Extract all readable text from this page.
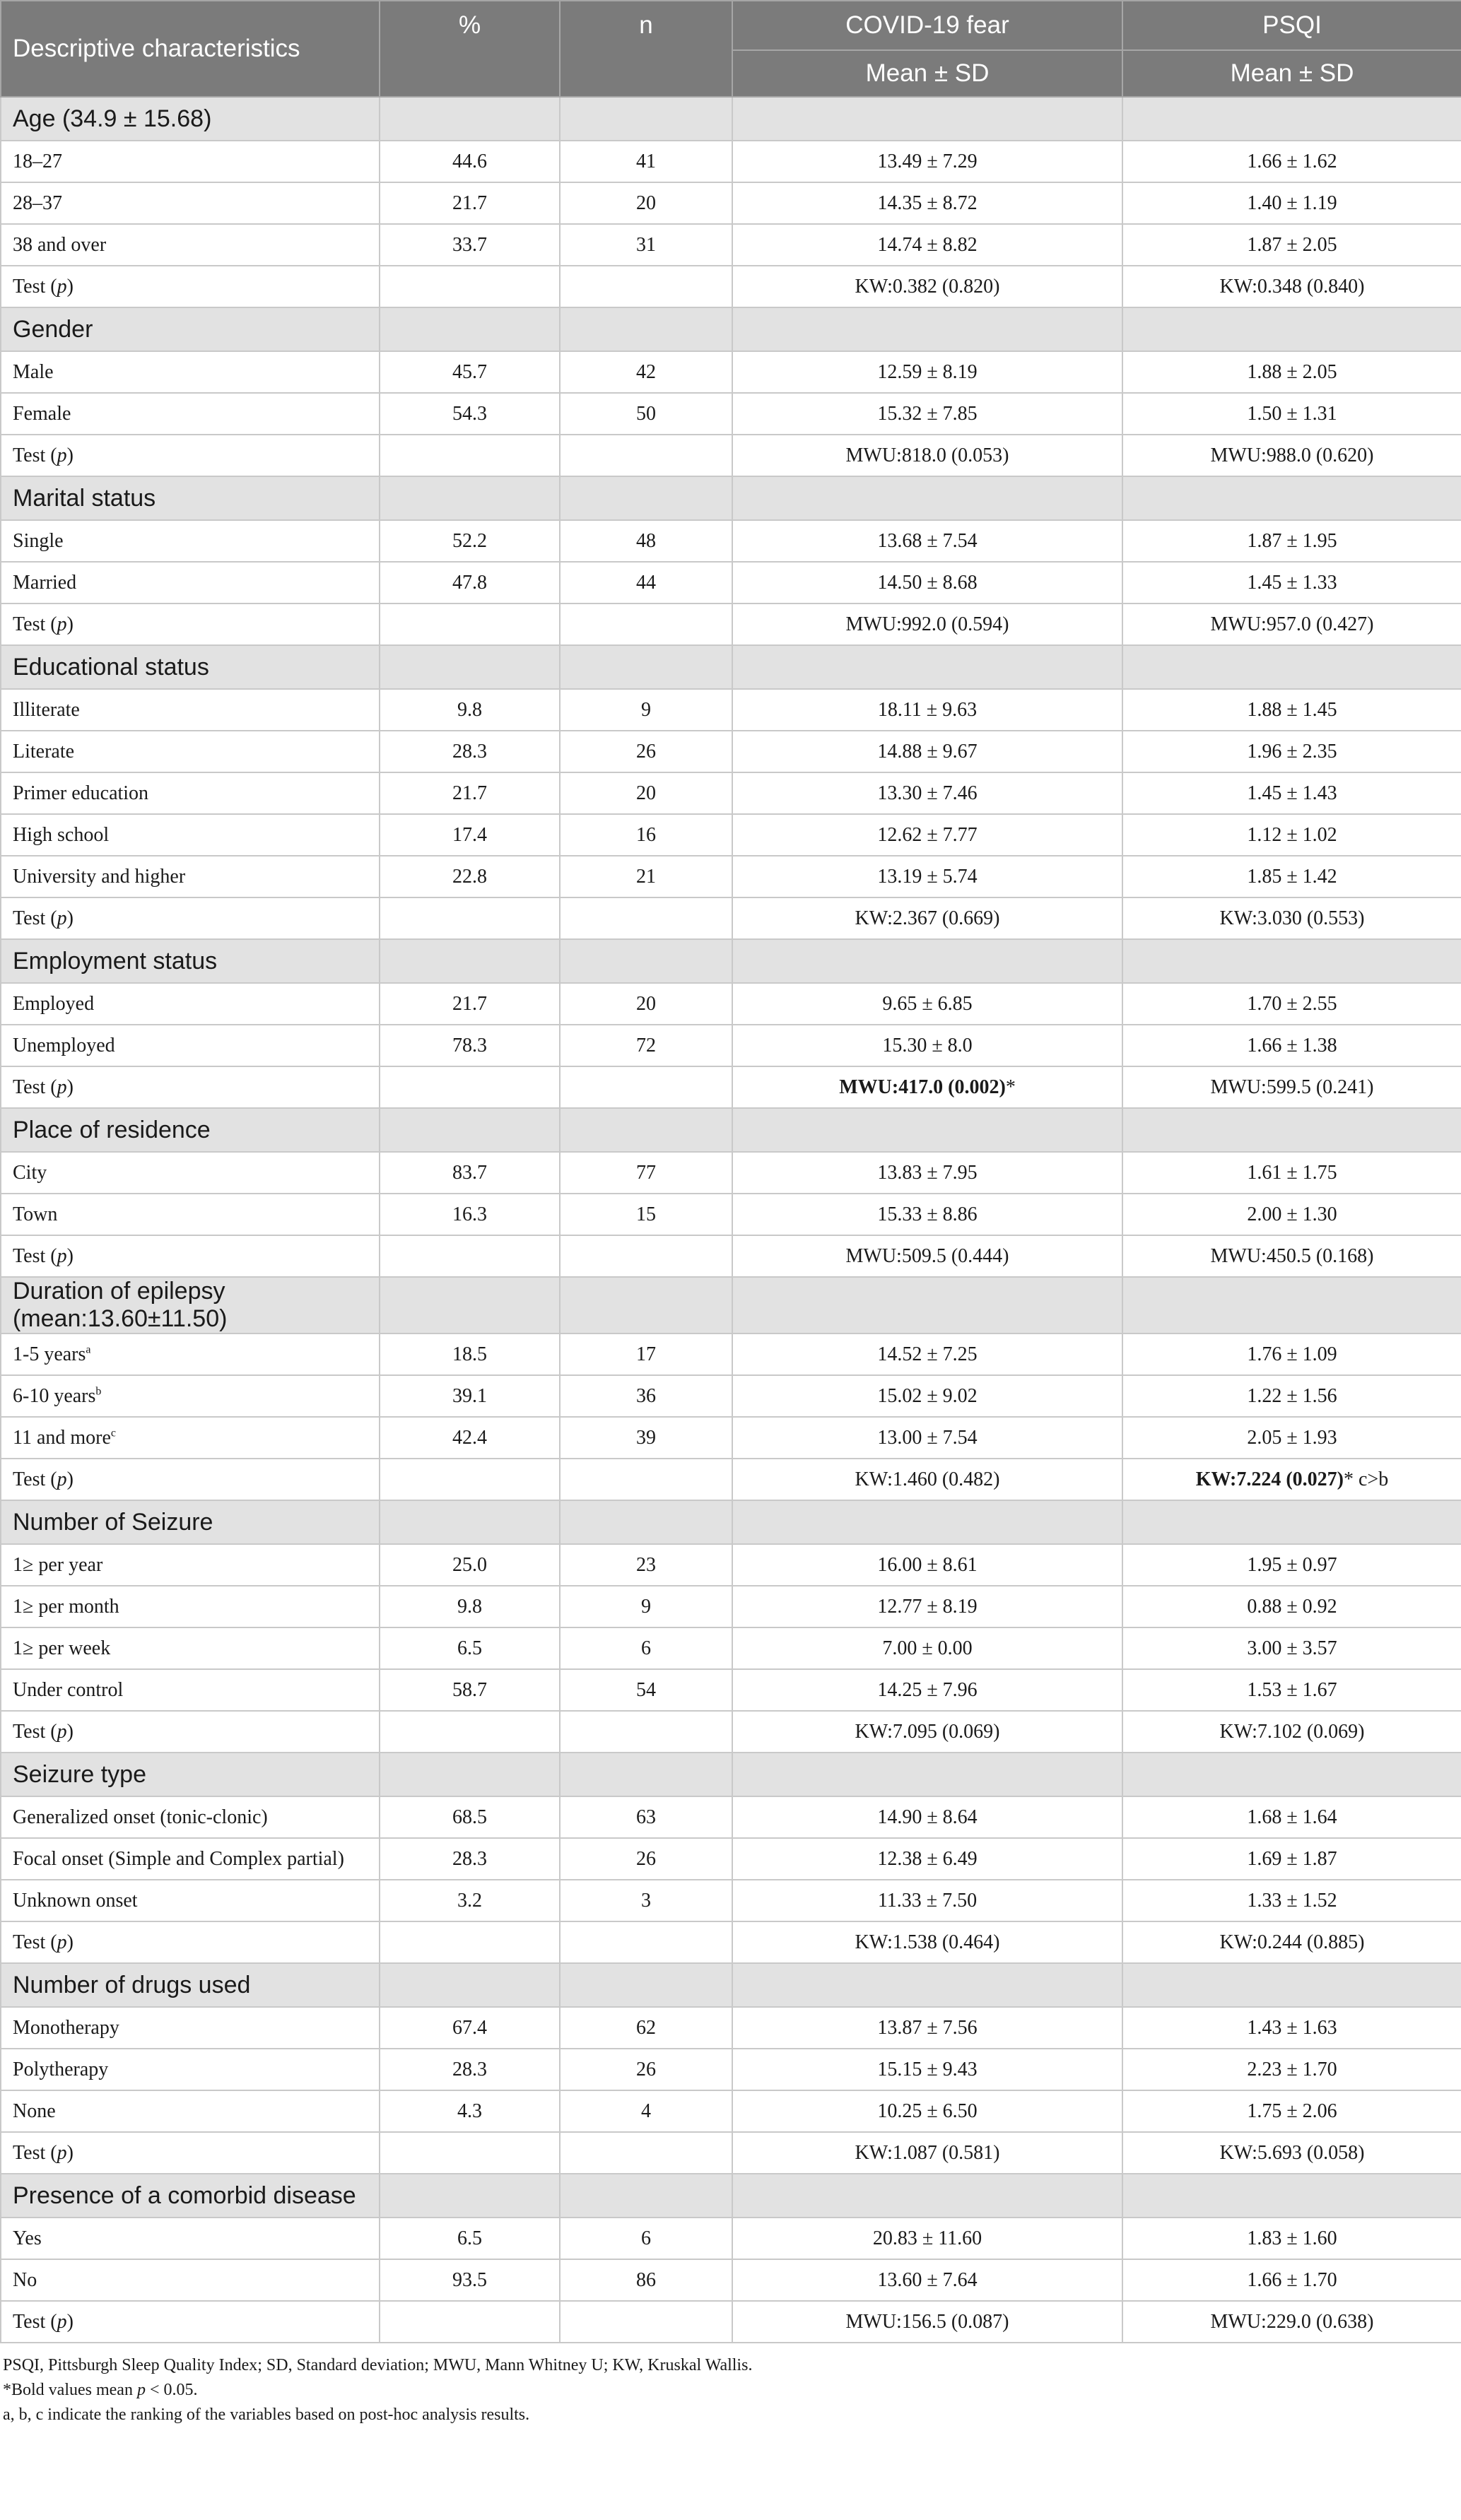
Descriptive characteristics	%	n	COVID-19 fear	PSQI
			Mean ± SD	Mean ± SD
Age (34.9 ± 15.68)				
18–27	44.6	41	13.49 ± 7.29	1.66 ± 1.62
28–37	21.7	20	14.35 ± 8.72	1.40 ± 1.19
38 and over	33.7	31	14.74 ± 8.82	1.87 ± 2.05
Test (p)			KW:0.382 (0.820)	KW:0.348 (0.840)
Gender				
Male	45.7	42	12.59 ± 8.19	1.88 ± 2.05
Female	54.3	50	15.32 ± 7.85	1.50 ± 1.31
Test (p)			MWU:818.0 (0.053)	MWU:988.0 (0.620)
Marital status				
Single	52.2	48	13.68 ± 7.54	1.87 ± 1.95
Married	47.8	44	14.50 ± 8.68	1.45 ± 1.33
Test (p)			MWU:992.0 (0.594)	MWU:957.0 (0.427)
Educational status				
Illiterate	9.8	9	18.11 ± 9.63	1.88 ± 1.45
Literate	28.3	26	14.88 ± 9.67	1.96 ± 2.35
Primer education	21.7	20	13.30 ± 7.46	1.45 ± 1.43
High school	17.4	16	12.62 ± 7.77	1.12 ± 1.02
University and higher	22.8	21	13.19 ± 5.74	1.85 ± 1.42
Test (p)			KW:2.367 (0.669)	KW:3.030 (0.553)
Employment status				
Employed	21.7	20	9.65 ± 6.85	1.70 ± 2.55
Unemployed	78.3	72	15.30 ± 8.0	1.66 ± 1.38
Test (p)			MWU:417.0 (0.002)*	MWU:599.5 (0.241)
Place of residence				
City	83.7	77	13.83 ± 7.95	1.61 ± 1.75
Town	16.3	15	15.33 ± 8.86	2.00 ± 1.30
Test (p)			MWU:509.5 (0.444)	MWU:450.5 (0.168)
Duration of epilepsy (mean:13.60±11.50)				
1-5 years$^a$	18.5	17	14.52 ± 7.25	1.76 ± 1.09
6-10 years$^b$	39.1	36	15.02 ± 9.02	1.22 ± 1.56
11 and more$^c$	42.4	39	13.00 ± 7.54	2.05 ± 1.93
Test (p)			KW:1.460 (0.482)	KW:7.224 (0.027)* c>b
Number of Seizure				
1≥ per year	25.0	23	16.00 ± 8.61	1.95 ± 0.97
1≥ per month	9.8	9	12.77 ± 8.19	0.88 ± 0.92
1≥ per week	6.5	6	7.00 ± 0.00	3.00 ± 3.57
Under control	58.7	54	14.25 ± 7.96	1.53 ± 1.67
Test (p)			KW:7.095 (0.069)	KW:7.102 (0.069)
Seizure type				
Generalized onset (tonic-clonic)	68.5	63	14.90 ± 8.64	1.68 ± 1.64
Focal onset (Simple and Complex partial)	28.3	26	12.38 ± 6.49	1.69 ± 1.87
Unknown onset	3.2	3	11.33 ± 7.50	1.33 ± 1.52
Test (p)			KW:1.538 (0.464)	KW:0.244 (0.885)
Number of drugs used				
Monotherapy	67.4	62	13.87 ± 7.56	1.43 ± 1.63
Polytherapy	28.3	26	15.15 ± 9.43	2.23 ± 1.70
None	4.3	4	10.25 ± 6.50	1.75 ± 2.06
Test (p)			KW:1.087 (0.581)	KW:5.693 (0.058)
Presence of a comorbid disease				
Yes	6.5	6	20.83 ± 11.60	1.83 ± 1.60
No	93.5	86	13.60 ± 7.64	1.66 ± 1.70
Test (p)			MWU:156.5 (0.087)	MWU:229.0 (0.638)
PSQI, Pittsburgh Sleep Quality Index; SD, Standard deviation; MWU, Mann Whitney U; KW, Kruskal Wallis.
*Bold values mean p < 0.05.
a, b, c indicate the ranking of the variables based on post-hoc analysis results.
